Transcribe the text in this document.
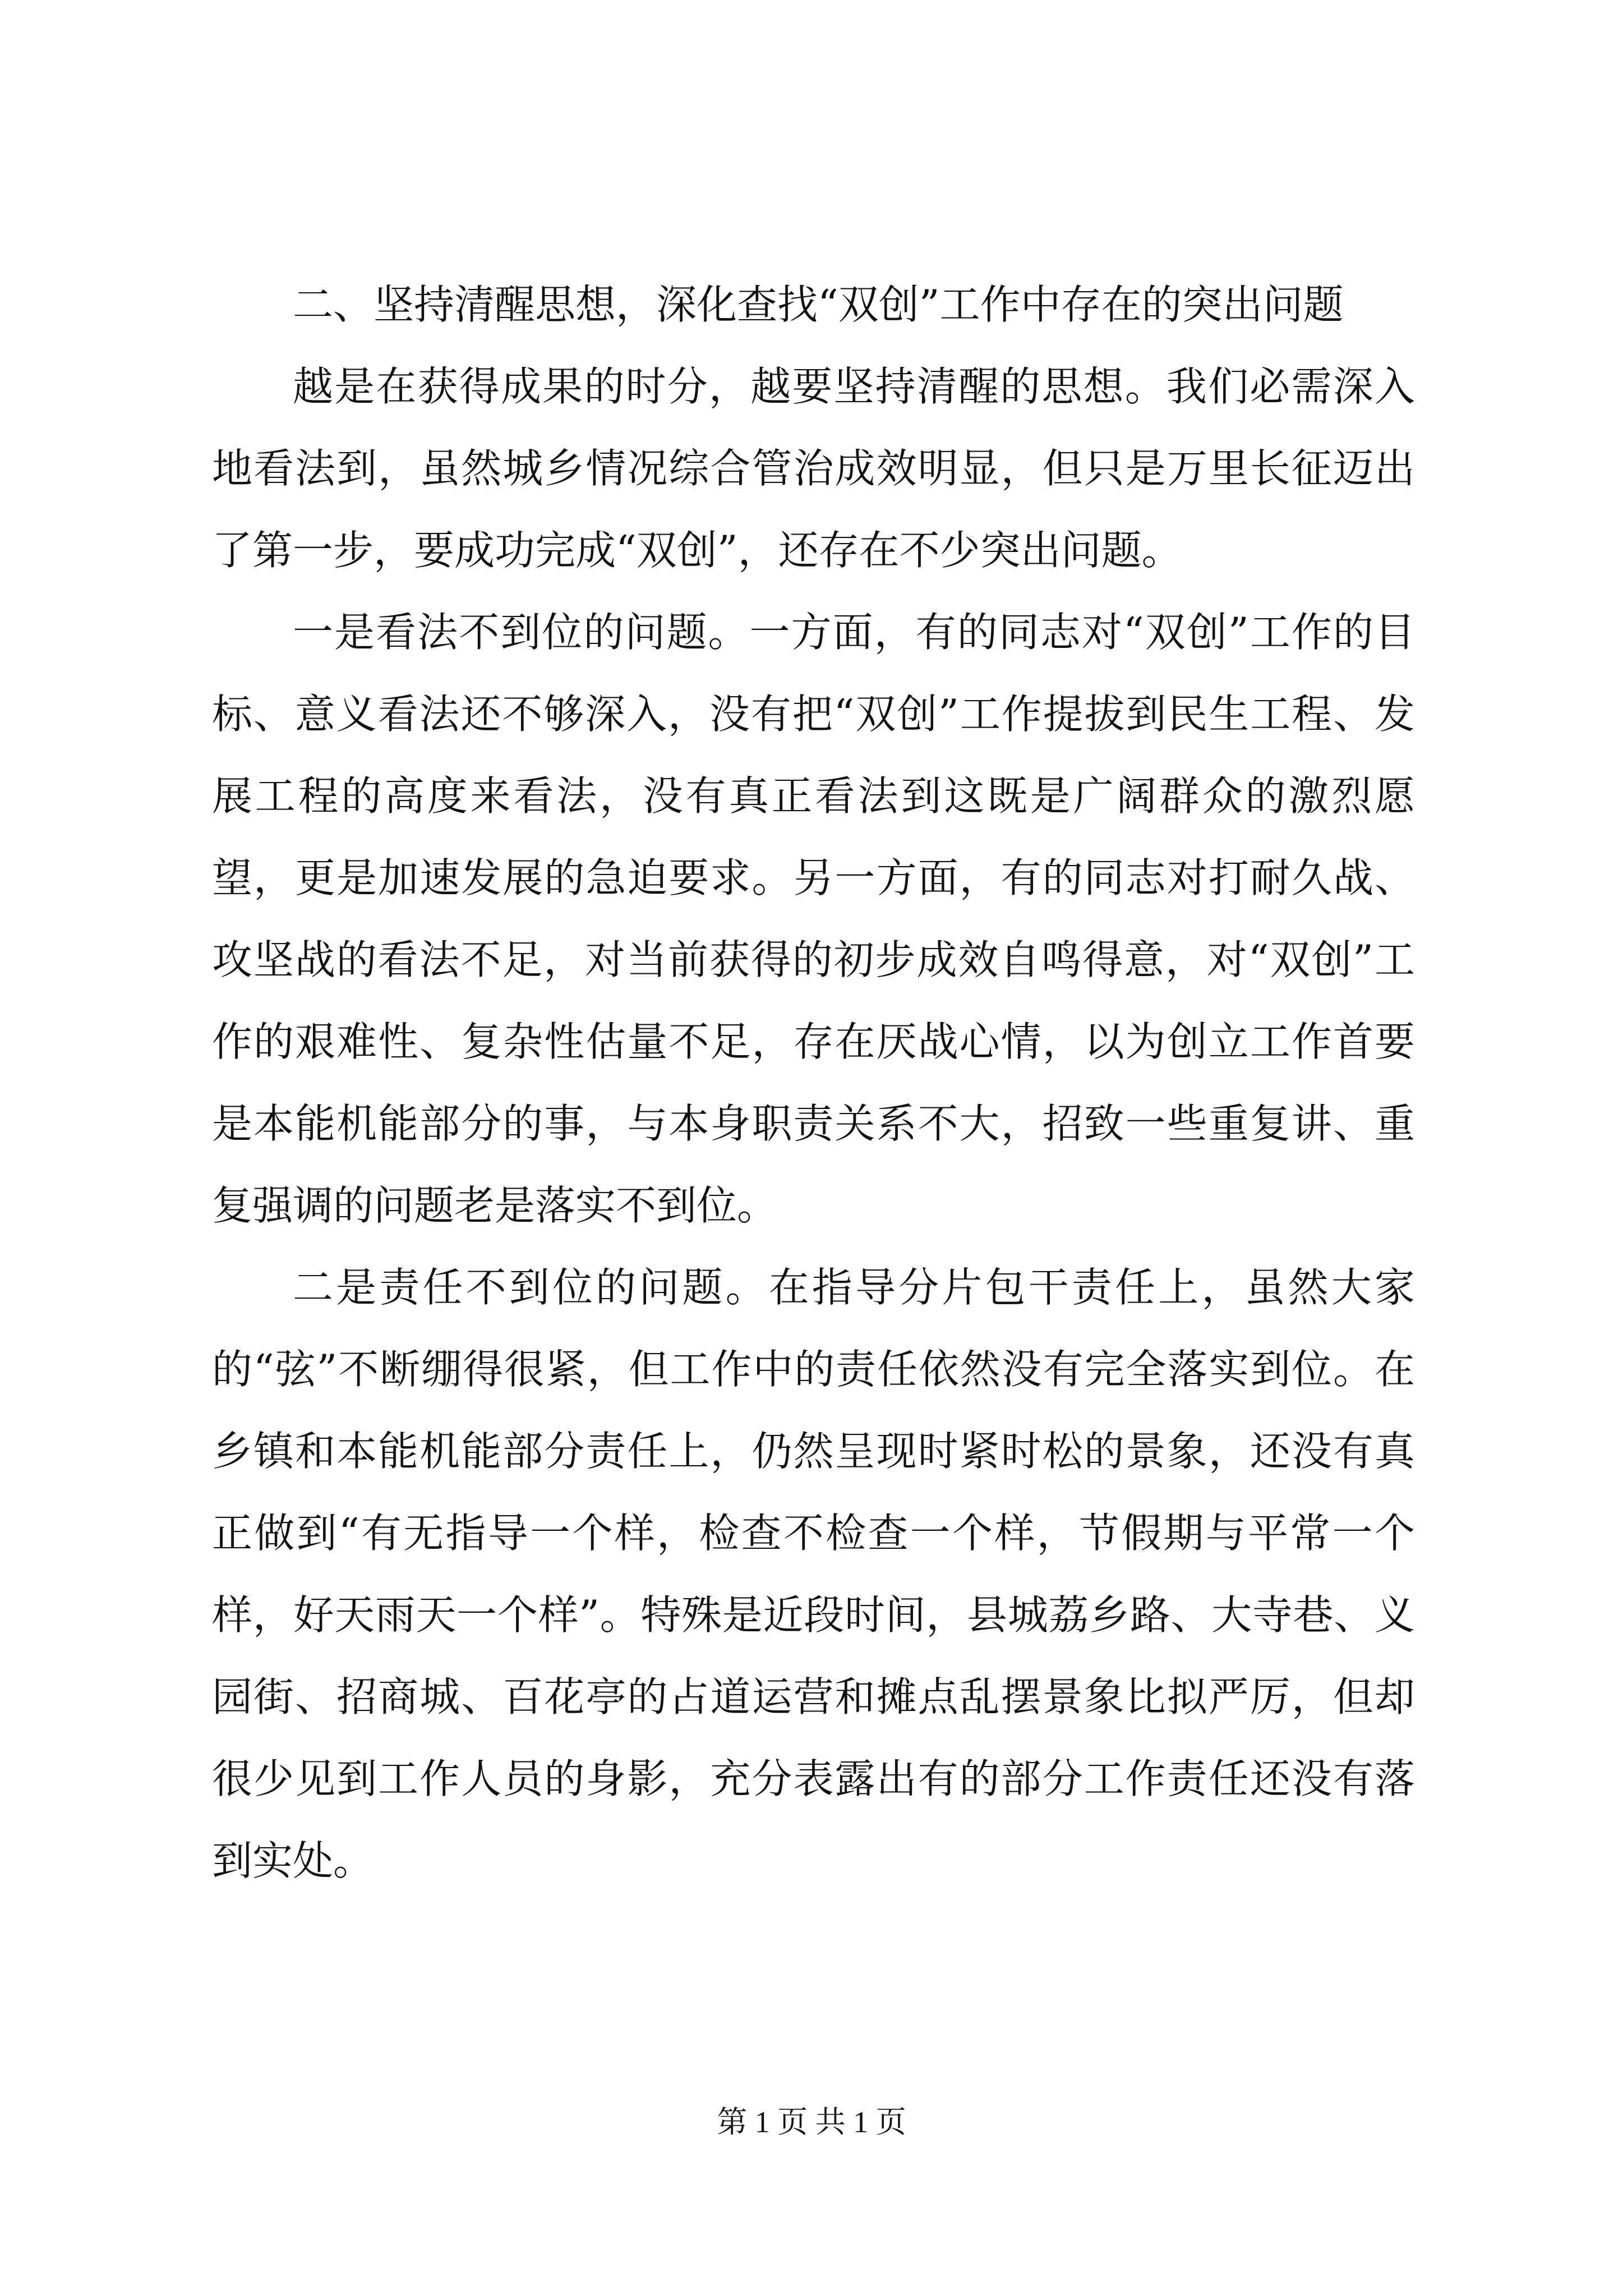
二、坚持清醒思想，深化查找“双创”工作中存在的突出问题

越是在获得成果的时分，越要坚持清醒的思想。我们必需深入地看法到，虽然城乡情况综合管治成效明显，但只是万里长征迈出了第一步，要成功完成“双创”，还存在不少突出问题。

一是看法不到位的问题。一方面，有的同志对“双创”工作的目标、意义看法还不够深入，没有把“双创”工作提拔到民生工程、发展工程的高度来看法，没有真正看法到这既是广阔群众的激烈愿望，更是加速发展的急迫要求。另一方面，有的同志对打耐久战、攻坚战的看法不足，对当前获得的初步成效自鸣得意，对“双创”工作的艰难性、复杂性估量不足，存在厌战心情，以为创立工作首要是本能机能部分的事，与本身职责关系不大，招致一些重复讲、重复强调的问题老是落实不到位。

二是责任不到位的问题。在指导分片包干责任上，虽然大家的“弦”不断绷得很紧，但工作中的责任依然没有完全落实到位。在乡镇和本能机能部分责任上，仍然呈现时紧时松的景象，还没有真正做到“有无指导一个样，检查不检查一个样，节假期与平常一个样，好天雨天一个样”。特殊是近段时间，县城荔乡路、大寺巷、义园街、招商城、百花亭的占道运营和摊点乱摆景象比拟严厉，但却很少见到工作人员的身影，充分表露出有的部分工作责任还没有落到实处。

第 1 页 共 1 页
